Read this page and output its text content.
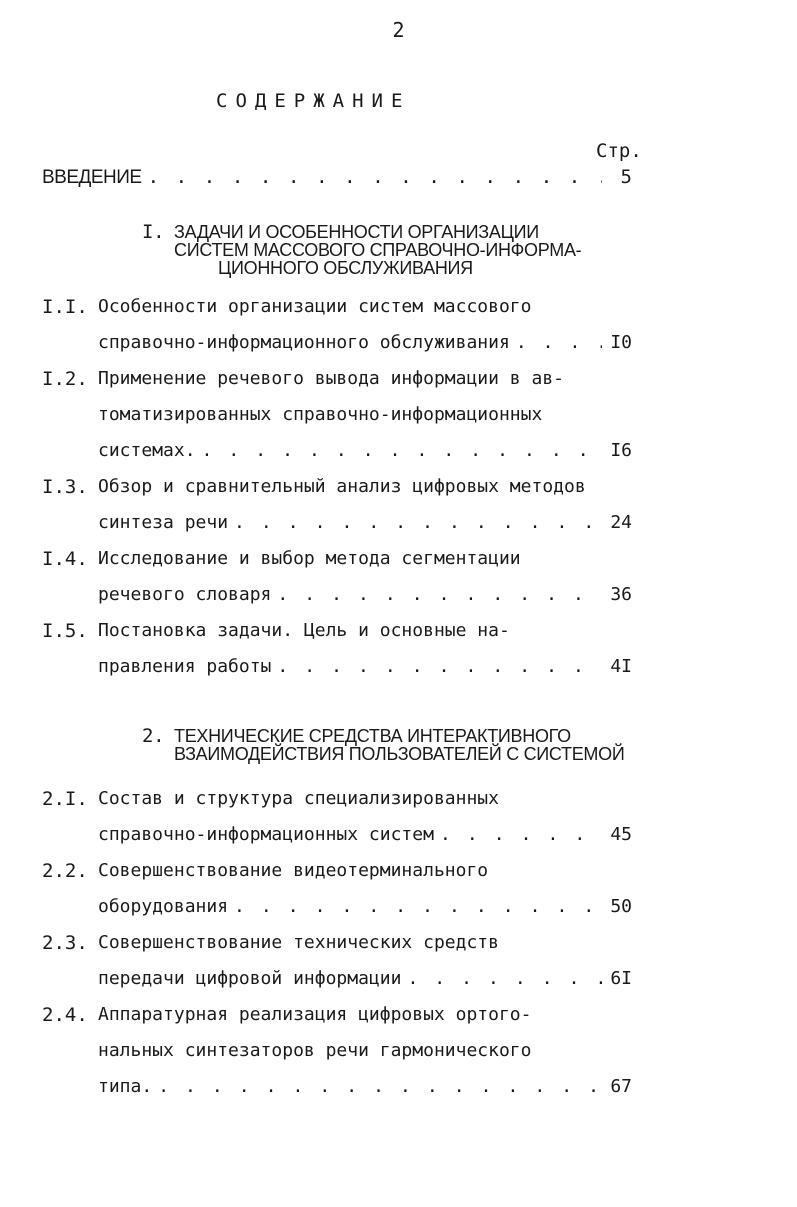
2
СОДЕРЖАНИЕ
Стр.
ВВЕДЕНИЕ . . .	5
I. ЗАДАЧИ И ОСОБЕННОСТИ ОРГАНИЗАЦИИ
СИСТЕМ МАССОВОГО СПРАВОЧНО-ИНФОРМА-
ЦИОННОГО ОБСЛУЖИВАНИЯ
I.I. Особенности организации систем массового
справочно-информационного обслуживания . . .	I0
I.2. Применение речевого вывода информации в ав-
томатизированных справочно-информационных
системах. . . .	I6
I.3. Обзор и сравнительный анализ цифровых методов
синтеза речи . . .	24
I.4. Исследование и выбор метода сегментации
речевого словаря . . .	36
I.5. Постановка задачи. Цель и основные на-
правления работы . . .	4I
2. ТЕХНИЧЕСКИЕ СРЕДСТВА ИНТЕРАКТИВНОГО
ВЗАИМОДЕЙСТВИЯ ПОЛЬЗОВАТЕЛЕЙ С СИСТЕМОЙ
2.I. Состав и структура специализированных
справочно-информационных систем . . .	45
2.2. Совершенствование видеотерминального
оборудования . . .	50
2.3. Совершенствование технических средств
передачи цифровой информации . . .	6I
2.4. Аппаратурная реализация цифровых ортого-
нальных синтезаторов речи гармонического
типа. . . .	67
